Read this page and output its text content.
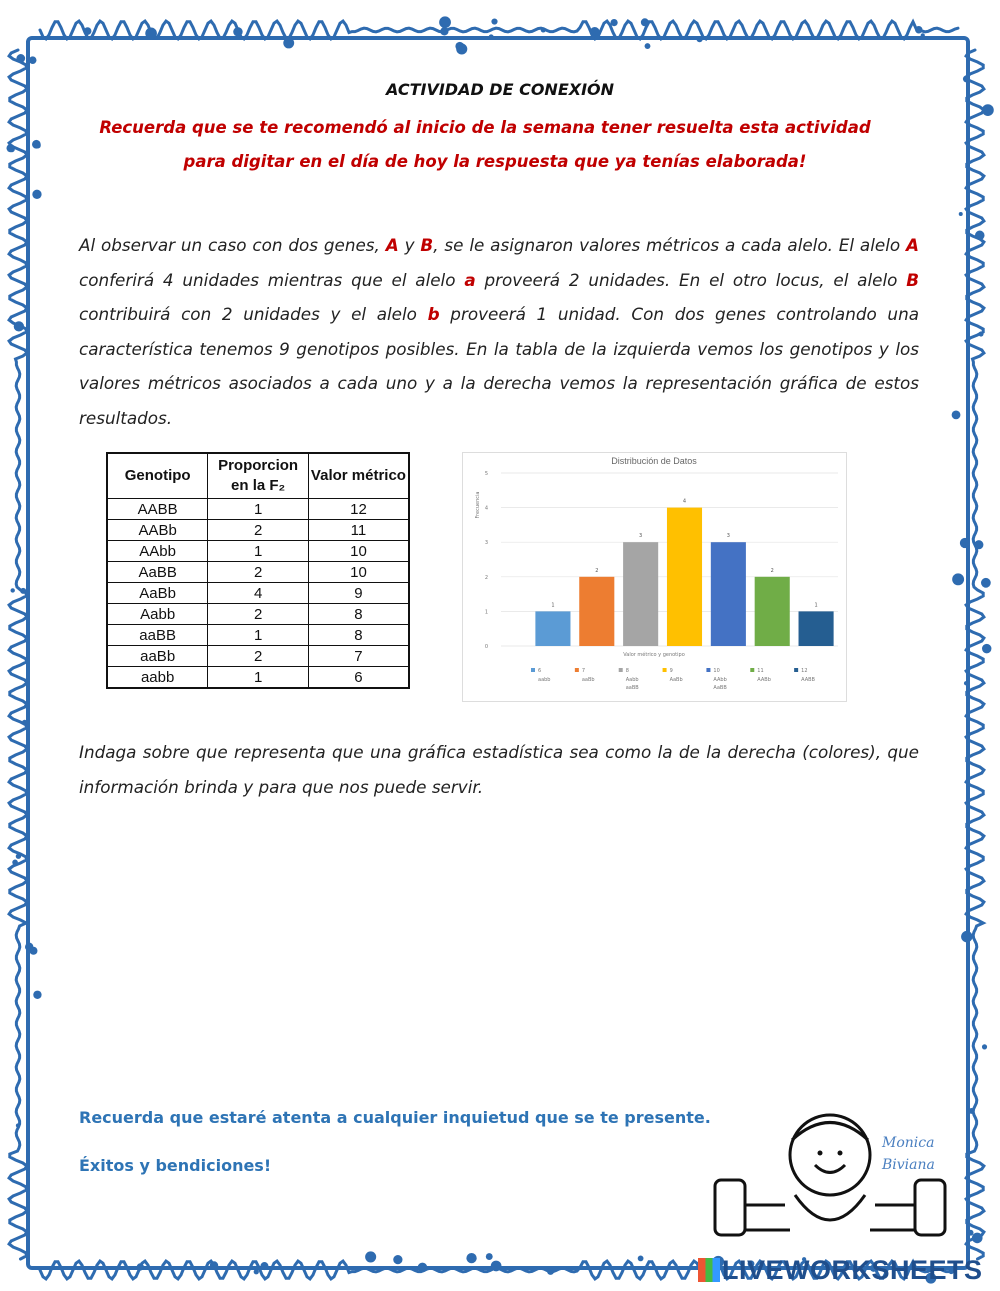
ACTIVIDAD DE CONEXIÓN
Recuerda que se te recomendó al inicio de la semana tener resuelta esta actividad
para digitar en el día de hoy la respuesta que ya tenías elaborada!
Al observar un caso con dos genes, A y B, se le asignaron valores métricos a cada alelo. El alelo A conferirá 4 unidades mientras que el alelo a proveerá 2 unidades. En el otro locus, el alelo B contribuirá con 2 unidades y el alelo b proveerá 1 unidad. Con dos genes controlando una característica tenemos 9 genotipos posibles. En la tabla de la izquierda vemos los genotipos y los valores métricos asociados a cada uno y a la derecha vemos la representación gráfica de estos resultados.
Genotipo	Proporcion en la F₂	Valor métrico
AABB	1	12
AABb	2	11
AAbb	1	10
AaBB	2	10
AaBb	4	9
Aabb	2	8
aaBB	1	8
aaBb	2	7
aabb	1	6
Distribución de Datos
0
1
2
3
4
5
Frecuencia
1
6
aabb
2
7
aaBb
3
8
Aabb
aaBB
4
9
AaBb
3
10
AAbb
AaBB
2
11
AABb
1
12
AABB
Valor métrico y genotipo
Indaga sobre que representa que una gráfica estadística sea como la de la derecha (colores), que información brinda y para que nos puede servir.
Recuerda que estaré atenta a cualquier inquietud que se te presente.
Éxitos y bendiciones!
Monica
Biviana
LIVEWORKSHEETS
